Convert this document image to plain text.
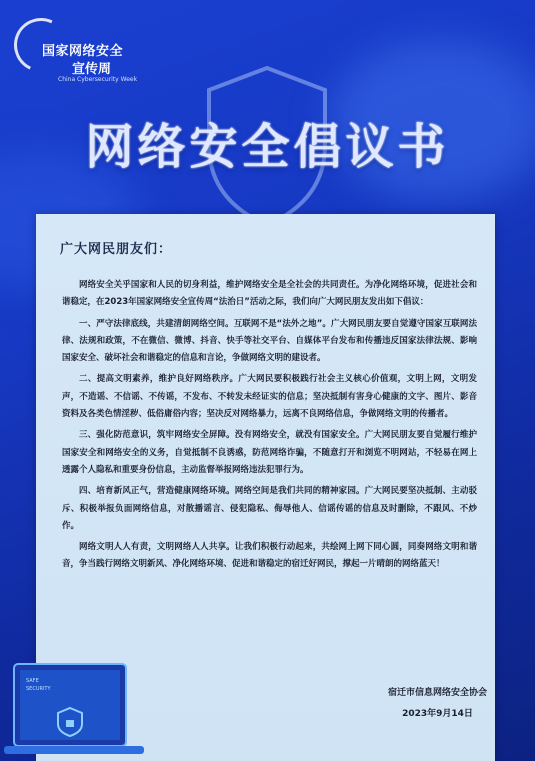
国家网络安全
宣传周
China Cybersecurity Week
网络安全倡议书
广大网民朋友们：

网络安全关乎国家和人民的切身利益，维护网络安全是全社会的共同责任。为净化网络环境，促进社会和谐稳定，在2023年国家网络安全宣传周“法治日”活动之际，我们向广大网民朋友发出如下倡议：

一、严守法律底线，共建清朗网络空间。互联网不是“法外之地”。广大网民朋友要自觉遵守国家互联网法律、法规和政策，不在微信、微博、抖音、快手等社交平台、自媒体平台发布和传播违反国家法律法规、影响国家安全、破坏社会和谐稳定的信息和言论，争做网络文明的建设者。

二、提高文明素养，维护良好网络秩序。广大网民要积极践行社会主义核心价值观，文明上网，文明发声，不造谣、不信谣、不传谣，不发布、不转发未经证实的信息；坚决抵制有害身心健康的文字、图片、影音资料及各类色情淫秽、低俗庸俗内容；坚决反对网络暴力，远离不良网络信息，争做网络文明的传播者。

三、强化防范意识，筑牢网络安全屏障。没有网络安全，就没有国家安全。广大网民朋友要自觉履行维护国家安全和网络安全的义务，自觉抵制不良诱惑，防范网络诈骗，不随意打开和浏览不明网站，不轻易在网上透露个人隐私和重要身份信息，主动监督举报网络违法犯罪行为。

四、培育新风正气，营造健康网络环境。网络空间是我们共同的精神家园。广大网民要坚决抵制、主动驳斥、积极举报负面网络信息，对散播谣言、侵犯隐私、侮辱他人、信谣传谣的信息及时删除，不跟风、不炒作。

网络文明人人有责，文明网络人人共享。让我们积极行动起来，共绘网上网下同心圆，同奏网络文明和谐音，争当践行网络文明新风、净化网络环境、促进和谐稳定的宿迁好网民，撑起一片晴朗的网络蓝天！

宿迁市信息网络安全协会
2023年9月14日
SAFE
SECURITY
